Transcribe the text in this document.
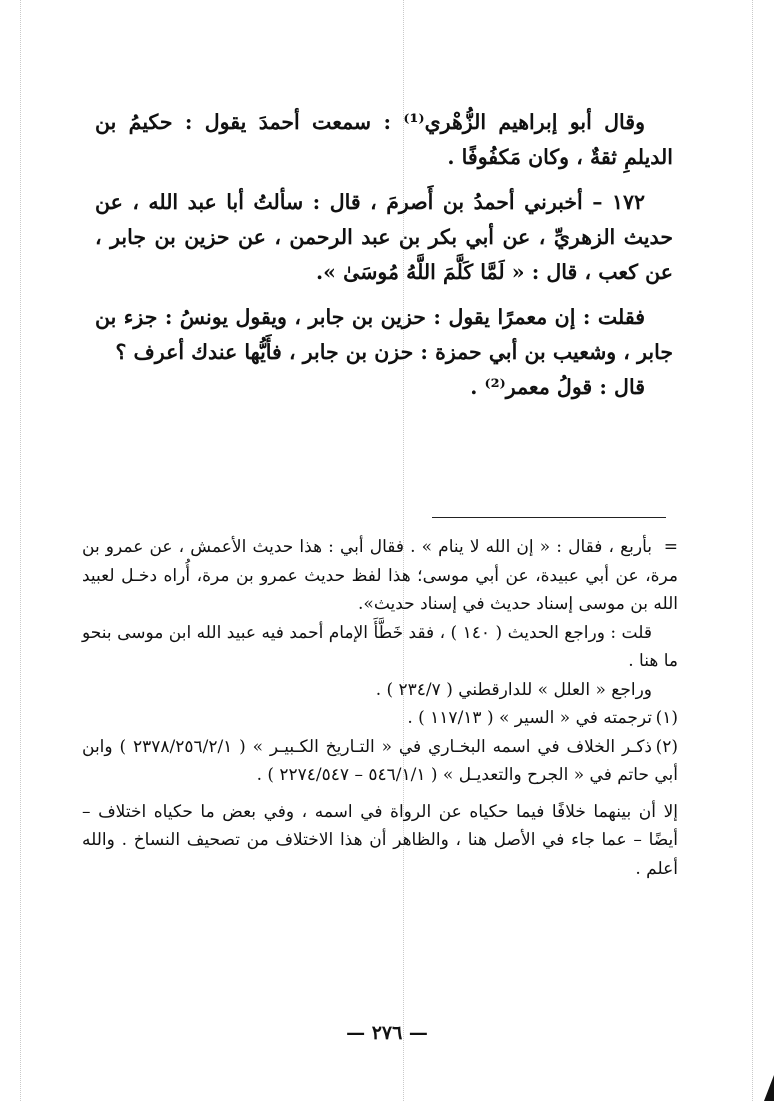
وقال أبو إبراهيم الزُّهْري⁽¹⁾ : سمعت أحمدَ يقول : حكيمُ بن الديلمِ ثقةٌ ، وكان مَكفُوفًا .

١٧٢ – أخبرني أحمدُ بن أَصرمَ ، قال : سألتُ أبا عبد الله ، عن حديث الزهريِّ ، عن أبي بكر بن عبد الرحمن ، عن حزين بن جابر ، عن كعب ، قال : « لَمَّا كَلَّمَ اللَّهُ مُوسَىٰ ».

فقلت : إن معمرًا يقول : حزين بن جابر ، ويقول يونسُ : جزء بن جابر ، وشعيب بن أبي حمزة : حزن بن جابر ، فأَيُّها عندك أعرف ؟

قال : قولُ معمر⁽²⁾ .

=بأربع ، فقال : « إن الله لا ينام » . فقال أبي : هذا حديث الأعمش ، عن عمرو بن مرة، عن أبي عبيدة، عن أبي موسى؛ هذا لفظ حديث عمرو بن مرة، أُراه دخـل لعبيد الله بن موسى إسناد حديث في إسناد حديث».

قلت : وراجع الحديث ( ١٤٠ ) ، فقد خَطَّأَ الإمام أحمد فيه عبيد الله ابن موسى بنحو ما هنا .

وراجع « العلل » للدارقطني ( ٢٣٤/٧ ) .

(١)ترجمته في « السير » ( ١١٧/١٣ ) .

(٢)ذكـر الخلاف في اسمه البخـاري في « التـاريخ الكـبيـر » ( ٢٣٧٨/٢٥٦/٢/١ ) وابن أبي حاتم في « الجرح والتعديـل » ( ٥٤٦/١/١ – ٢٢٧٤/٥٤٧ ) .

إلا أن بينهما خلافًا فيما حكياه عن الرواة في اسمه ، وفي بعض ما حكياه اختلاف – أيضًا – عما جاء في الأصل هنا ، والظاهر أن هذا الاختلاف من تصحيف النساخ . والله أعلم .

— ٢٧٦ —
